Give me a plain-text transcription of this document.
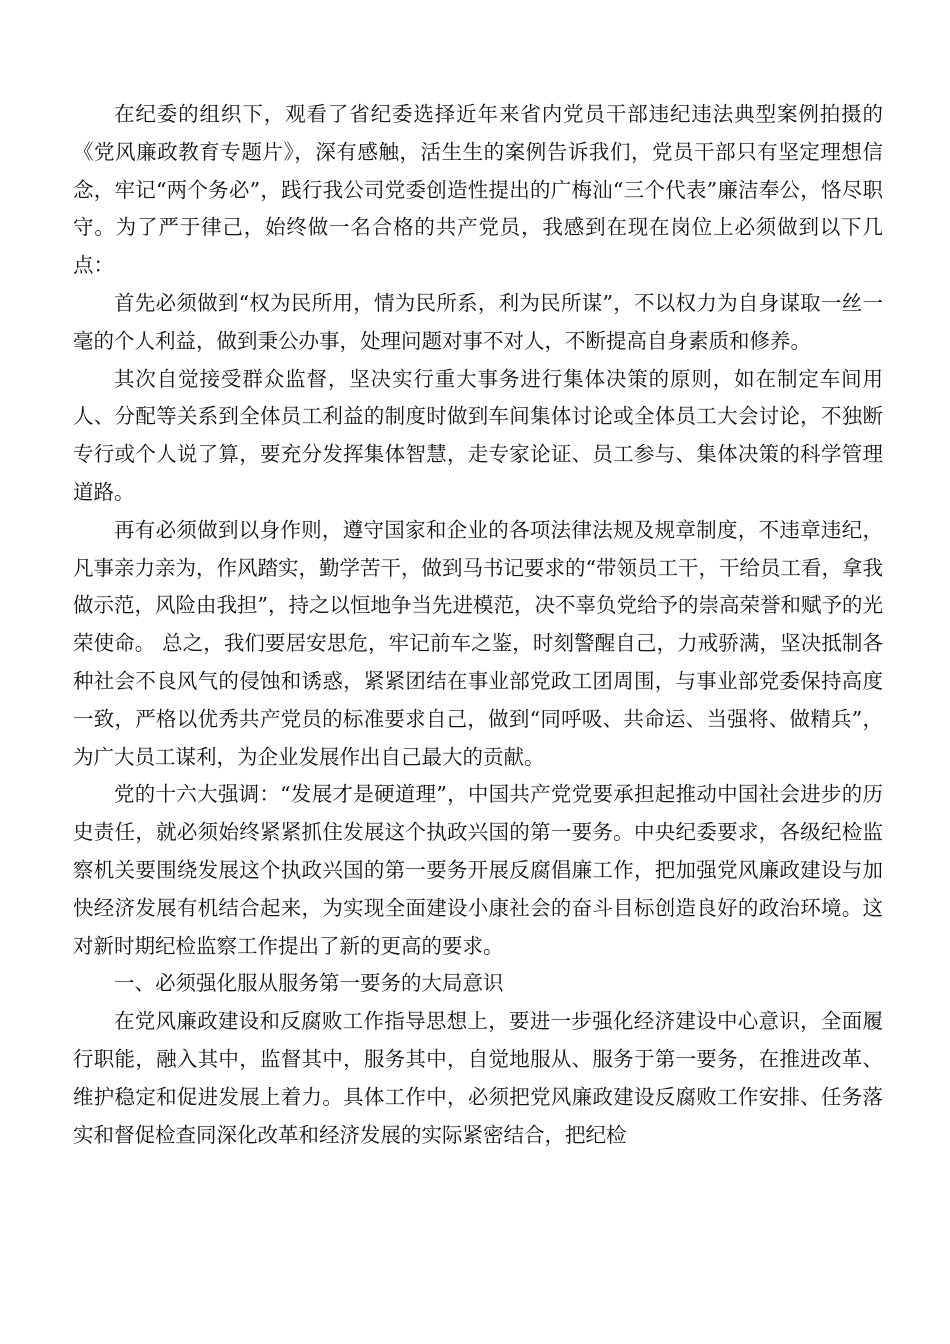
在纪委的组织下，观看了省纪委选择近年来省内党员干部违纪违法典型案例拍摄的《党风廉政教育专题片》，深有感触，活生生的案例告诉我们，党员干部只有坚定理想信念，牢记“两个务必”，践行我公司党委创造性提出的广梅汕“三个代表”廉洁奉公，恪尽职守。为了严于律己，始终做一名合格的共产党员，我感到在现在岗位上必须做到以下几点：

首先必须做到“权为民所用，情为民所系，利为民所谋”，不以权力为自身谋取一丝一毫的个人利益，做到秉公办事，处理问题对事不对人，不断提高自身素质和修养。

其次自觉接受群众监督，坚决实行重大事务进行集体决策的原则，如在制定车间用人、分配等关系到全体员工利益的制度时做到车间集体讨论或全体员工大会讨论，不独断专行或个人说了算，要充分发挥集体智慧，走专家论证、员工参与、集体决策的科学管理道路。

再有必须做到以身作则，遵守国家和企业的各项法律法规及规章制度，不违章违纪，凡事亲力亲为，作风踏实，勤学苦干，做到马书记要求的“带领员工干，干给员工看，拿我做示范，风险由我担”，持之以恒地争当先进模范，决不辜负党给予的崇高荣誉和赋予的光荣使命。 总之，我们要居安思危，牢记前车之鉴，时刻警醒自己，力戒骄满，坚决抵制各种社会不良风气的侵蚀和诱惑，紧紧团结在事业部党政工团周围，与事业部党委保持高度一致，严格以优秀共产党员的标准要求自己，做到“同呼吸、共命运、当强将、做精兵”，为广大员工谋利，为企业发展作出自己最大的贡献。

党的十六大强调：“发展才是硬道理”，中国共产党党要承担起推动中国社会进步的历史责任，就必须始终紧紧抓住发展这个执政兴国的第一要务。中央纪委要求，各级纪检监察机关要围绕发展这个执政兴国的第一要务开展反腐倡廉工作，把加强党风廉政建设与加快经济发展有机结合起来，为实现全面建设小康社会的奋斗目标创造良好的政治环境。这对新时期纪检监察工作提出了新的更高的要求。

一、必须强化服从服务第一要务的大局意识

在党风廉政建设和反腐败工作指导思想上，要进一步强化经济建设中心意识，全面履行职能，融入其中，监督其中，服务其中，自觉地服从、服务于第一要务，在推进改革、维护稳定和促进发展上着力。具体工作中，必须把党风廉政建设反腐败工作安排、任务落实和督促检查同深化改革和经济发展的实际紧密结合，把纪检
